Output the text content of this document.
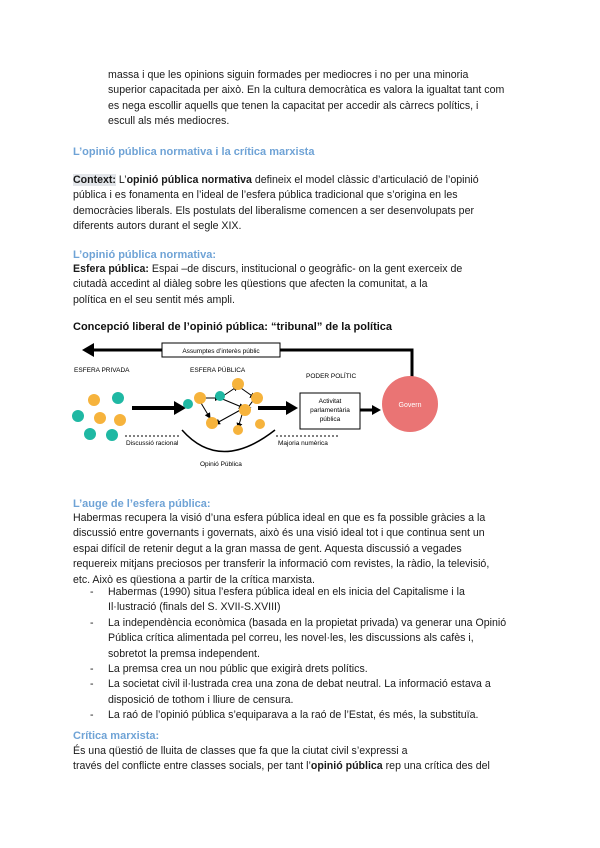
massa i que les opinions siguin formades per mediocres i no per una minoria
superior capacitada per això. En la cultura democràtica es valora la igualtat tant com
es nega escollir aquells que tenen la capacitat per accedir als càrrecs polítics, i
escull als més mediocres.
L’opinió pública normativa i la crítica marxista
Context: L’opinió pública normativa defineix el model clàssic d’articulació de l’opinió
pública i es fonamenta en l’ideal de l’esfera pública tradicional que s’origina en les
democràcies liberals. Els postulats del liberalisme comencen a ser desenvolupats per
diferents autors durant el segle XIX.
L’opinió pública normativa:
Esfera pública: Espai –de discurs, institucional o geogràfic- on la gent exerceix de
ciutadà accedint al diàleg sobre les qüestions que afecten la comunitat, a la
política en el seu sentit més ampli.
Concepció liberal de l’opinió pública: “tribunal” de la política
Assumptes d’interès públic
ESFERA PRIVADA	ESFERA PÚBLICA
PODER POLÍTIC
Activitat
parlamentària
pública
Govern
Discussió racional	Majoria numèrica
Opinió Pública
L’auge de l’esfera pública:
Habermas recupera la visió d’una esfera pública ideal en que es fa possible gràcies a la
discussió entre governants i governats, això és una visió ideal tot i que continua sent un
espai difícil de retenir degut a la gran massa de gent. Aquesta discussió a vegades
requereix mitjans preciosos per transferir la informació com revistes, la ràdio, la televisió,
etc. Això es qüestiona a partir de la crítica marxista.
- Habermas (1990) situa l’esfera pública ideal en els inicia del Capitalisme i la
Il·lustració (finals del S. XVII-S.XVIII)
- La independència econòmica (basada en la propietat privada) va generar una Opinió
Pública crítica alimentada pel correu, les novel·les, les discussions als cafès i,
sobretot la premsa independent.
- La premsa crea un nou públic que exigirà drets polítics.
- La societat civil il·lustrada crea una zona de debat neutral. La informació estava a
disposició de tothom i lliure de censura.
- La raó de l’opinió pública s’equiparava a la raó de l’Estat, és més, la substituïa.
Crítica marxista:
És una qüestió de lluita de classes que fa que la ciutat civil s’expressi a
través del conflicte entre classes socials, per tant l’opinió pública rep una crítica des del
